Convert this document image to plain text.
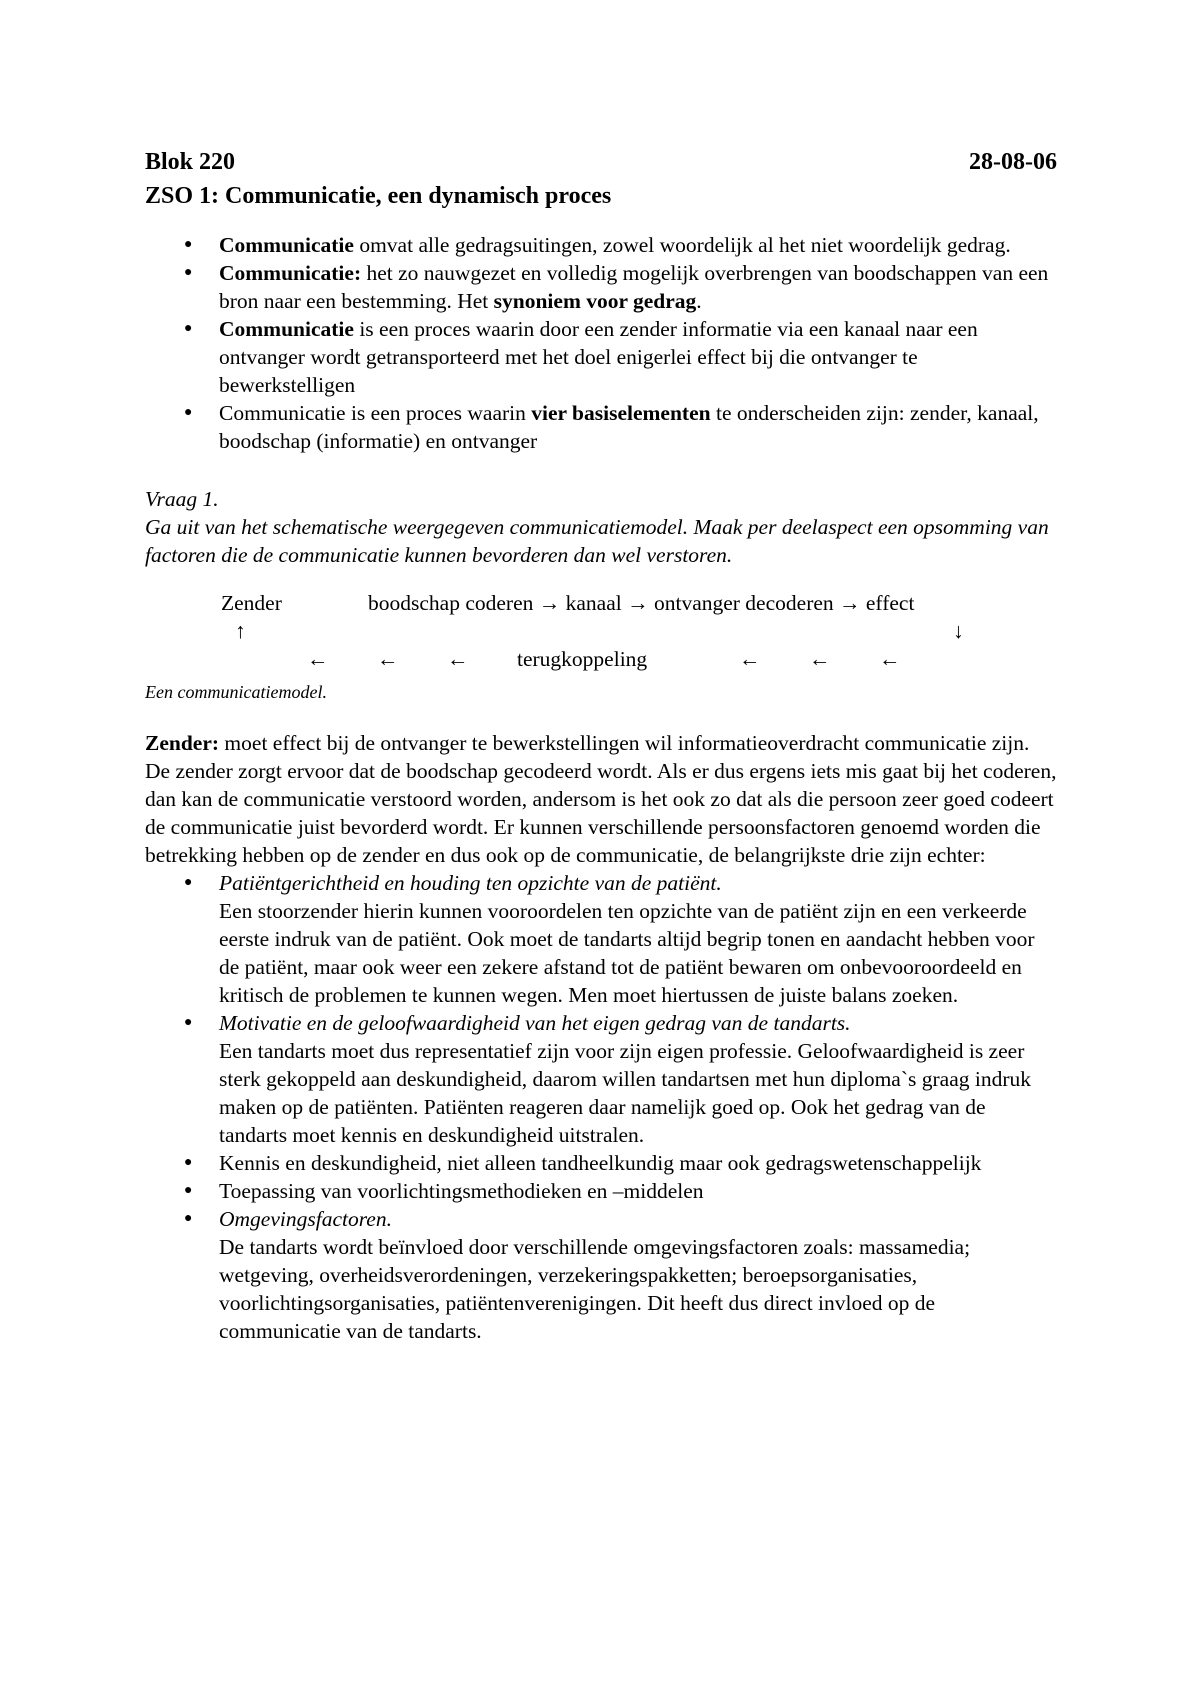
Blok 220	28-08-06
ZSO 1: Communicatie, een dynamisch proces
● Communicatie omvat alle gedragsuitingen, zowel woordelijk al het niet woordelijk gedrag.

● Communicatie: het zo nauwgezet en volledig mogelijk overbrengen van boodschappen van een bron naar een bestemming. Het synoniem voor gedrag.

● Communicatie is een proces waarin door een zender informatie via een kanaal naar een ontvanger wordt getransporteerd met het doel enigerlei effect bij die ontvanger te bewerkstelligen

● Communicatie is een proces waarin vier basiselementen te onderscheiden zijn: zender, kanaal, boodschap (informatie) en ontvanger

Vraag 1.

Ga uit van het schematische weergegeven communicatiemodel. Maak per deelaspect een opsomming van factoren die de communicatie kunnen bevorderen dan wel verstoren.

Zender	boodschap coderen → kanaal → ontvanger decoderen → effect
↑	↓
← ← ← terugkoppeling	← ← ←
Een communicatiemodel.

Zender: moet effect bij de ontvanger te bewerkstellingen wil informatieoverdracht communicatie zijn. De zender zorgt ervoor dat de boodschap gecodeerd wordt. Als er dus ergens iets mis gaat bij het coderen, dan kan de communicatie verstoord worden, andersom is het ook zo dat als die persoon zeer goed codeert de communicatie juist bevorderd wordt. Er kunnen verschillende persoonsfactoren genoemd worden die betrekking hebben op de zender en dus ook op de communicatie, de belangrijkste drie zijn echter:

● Patiëntgerichtheid en houding ten opzichte van de patiënt.

Een stoorzender hierin kunnen vooroordelen ten opzichte van de patiënt zijn en een verkeerde eerste indruk van de patiënt. Ook moet de tandarts altijd begrip tonen en aandacht hebben voor de patiënt, maar ook weer een zekere afstand tot de patiënt bewaren om onbevooroordeeld en kritisch de problemen te kunnen wegen. Men moet hiertussen de juiste balans zoeken.

● Motivatie en de geloofwaardigheid van het eigen gedrag van de tandarts.

Een tandarts moet dus representatief zijn voor zijn eigen professie. Geloofwaardigheid is zeer sterk gekoppeld aan deskundigheid, daarom willen tandartsen met hun diploma`s graag indruk maken op de patiënten. Patiënten reageren daar namelijk goed op. Ook het gedrag van de tandarts moet kennis en deskundigheid uitstralen.

● Kennis en deskundigheid, niet alleen tandheelkundig maar ook gedragswetenschappelijk

● Toepassing van voorlichtingsmethodieken en –middelen

● Omgevingsfactoren.

De tandarts wordt beïnvloed door verschillende omgevingsfactoren zoals: massamedia; wetgeving, overheidsverordeningen, verzekeringspakketten; beroepsorganisaties, voorlichtingsorganisaties, patiëntenverenigingen. Dit heeft dus direct invloed op de communicatie van de tandarts.
